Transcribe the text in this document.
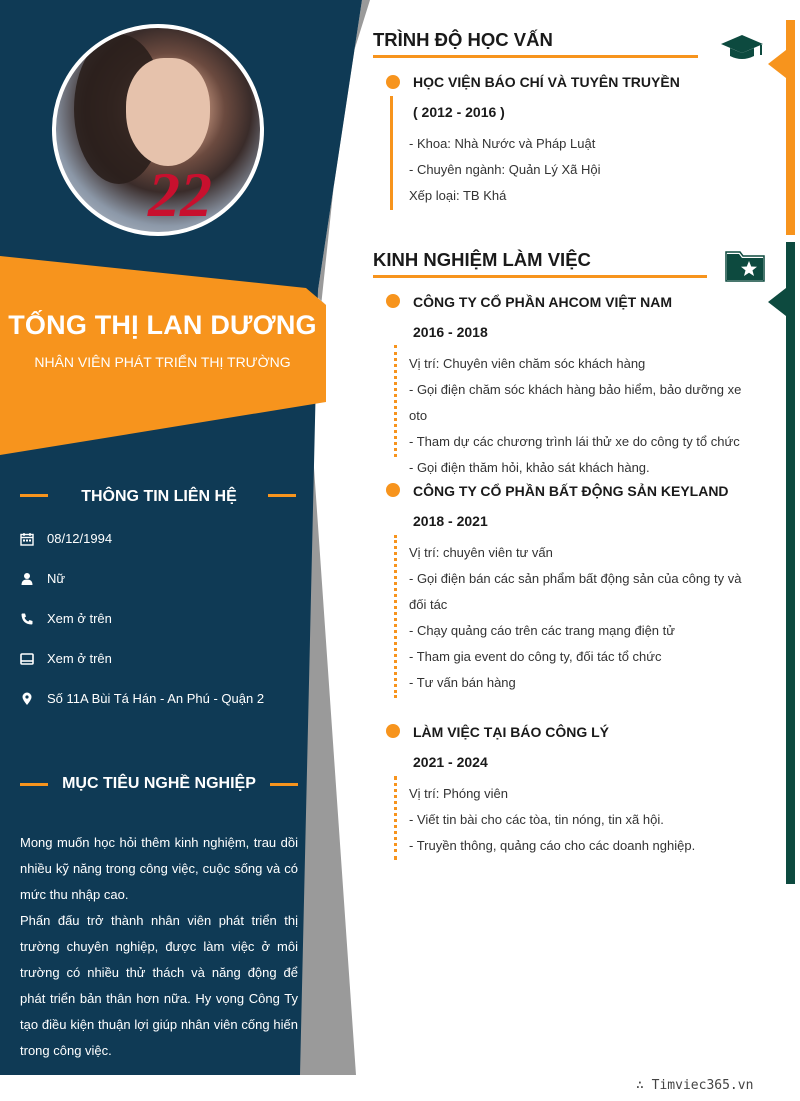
22
TỐNG THỊ LAN DƯƠNG
NHÂN VIÊN PHÁT TRIỂN THỊ TRƯỜNG
THÔNG TIN LIÊN HỆ
08/12/1994
Nữ
Xem ở trên
Xem ở trên
Số 11A Bùi Tá Hán - An Phú - Quận 2
MỤC TIÊU NGHỀ NGHIỆP

Mong muốn học hỏi thêm kinh nghiệm, trau dồi nhiều kỹ năng trong công việc, cuộc sống và có mức thu nhập cao.

Phấn đấu trở thành nhân viên phát triển thị trường chuyên nghiệp, được làm việc ở môi trường có nhiều thử thách và năng động để phát triển bản thân hơn nữa. Hy vọng Công Ty tạo điều kiện thuận lợi giúp nhân viên cống hiến trong công việc.

TRÌNH ĐỘ HỌC VẤN
HỌC VIỆN BÁO CHÍ VÀ TUYÊN TRUYỀN
( 2012 - 2016 )

- Khoa: Nhà Nước và Pháp Luật

- Chuyên ngành: Quản Lý Xã Hội

Xếp loại: TB Khá

KINH NGHIỆM LÀM VIỆC
CÔNG TY CỔ PHẦN AHCOM VIỆT NAM
2016 - 2018

Vị trí: Chuyên viên chăm sóc khách hàng

- Gọi điện chăm sóc khách hàng bảo hiểm, bảo dưỡng xe oto

- Tham dự các chương trình lái thử xe do công ty tổ chức

- Gọi điện thăm hỏi, khảo sát khách hàng.

CÔNG TY CỔ PHẦN BẤT ĐỘNG SẢN KEYLAND
2018 - 2021

Vị trí: chuyên viên tư vấn

- Gọi điện bán các sản phẩm bất động sản của công ty và đối tác

- Chạy quảng cáo trên các trang mạng điện tử

- Tham gia event do công ty, đối tác tổ chức

- Tư vấn bán hàng

LÀM VIỆC TẠI BÁO CÔNG LÝ
2021 - 2024

Vị trí: Phóng viên

- Viết tin bài cho các tòa, tin nóng, tin xã hội.

- Truyền thông, quảng cáo cho các doanh nghiệp.

∴ Timviec365.vn
